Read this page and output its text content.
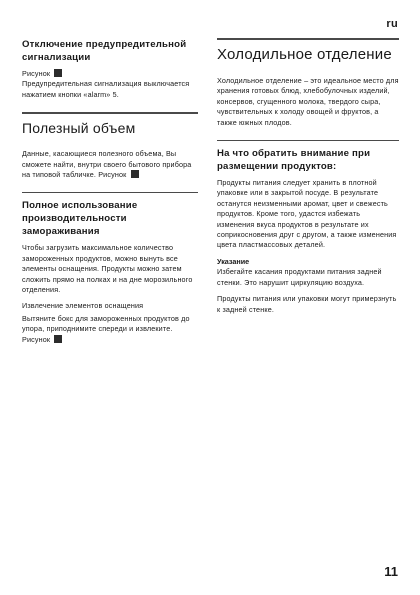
ru
Отключение предупредительной сигнализации

Рисунок

Предупредительная сигнализация выключается нажатием кнопки «alarm» 5.

Полезный объем

Данные, касающиеся полезного объема, Вы сможете найти, внутри своего бытового прибора на типовой табличке. Рисунок

Полное использование производительности замораживания

Чтобы загрузить максимальное количество замороженных продуктов, можно вынуть все элементы оснащения. Продукты можно затем сложить прямо на полках и на дне морозильного отделения.

Извлечение элементов оснащения

Вытяните бокс для замороженных продуктов до упора, приподнимите спереди и извлеките. Рисунок

Холодильное отделение

Холодильное отделение – это идеальное место для хранения готовых блюд, хлебобулочных изделий, консервов, сгущенного молока, твердого сыра, чувствительных к холоду овощей и фруктов, а также южных плодов.

На что обратить внимание при размещении продуктов:

Продукты питания следует хранить в плотной упаковке или в закрытой посуде. В результате останутся неизменными аромат, цвет и свежесть продуктов. Кроме того, удастся избежать изменения вкуса продуктов в результате их соприкосновения друг с другом, а также изменения цвета пластмассовых деталей.

Указание

Избегайте касания продуктами питания задней стенки. Это нарушит циркуляцию воздуха.

Продукты питания или упаковки могут примерзнуть к задней стенке.

11
